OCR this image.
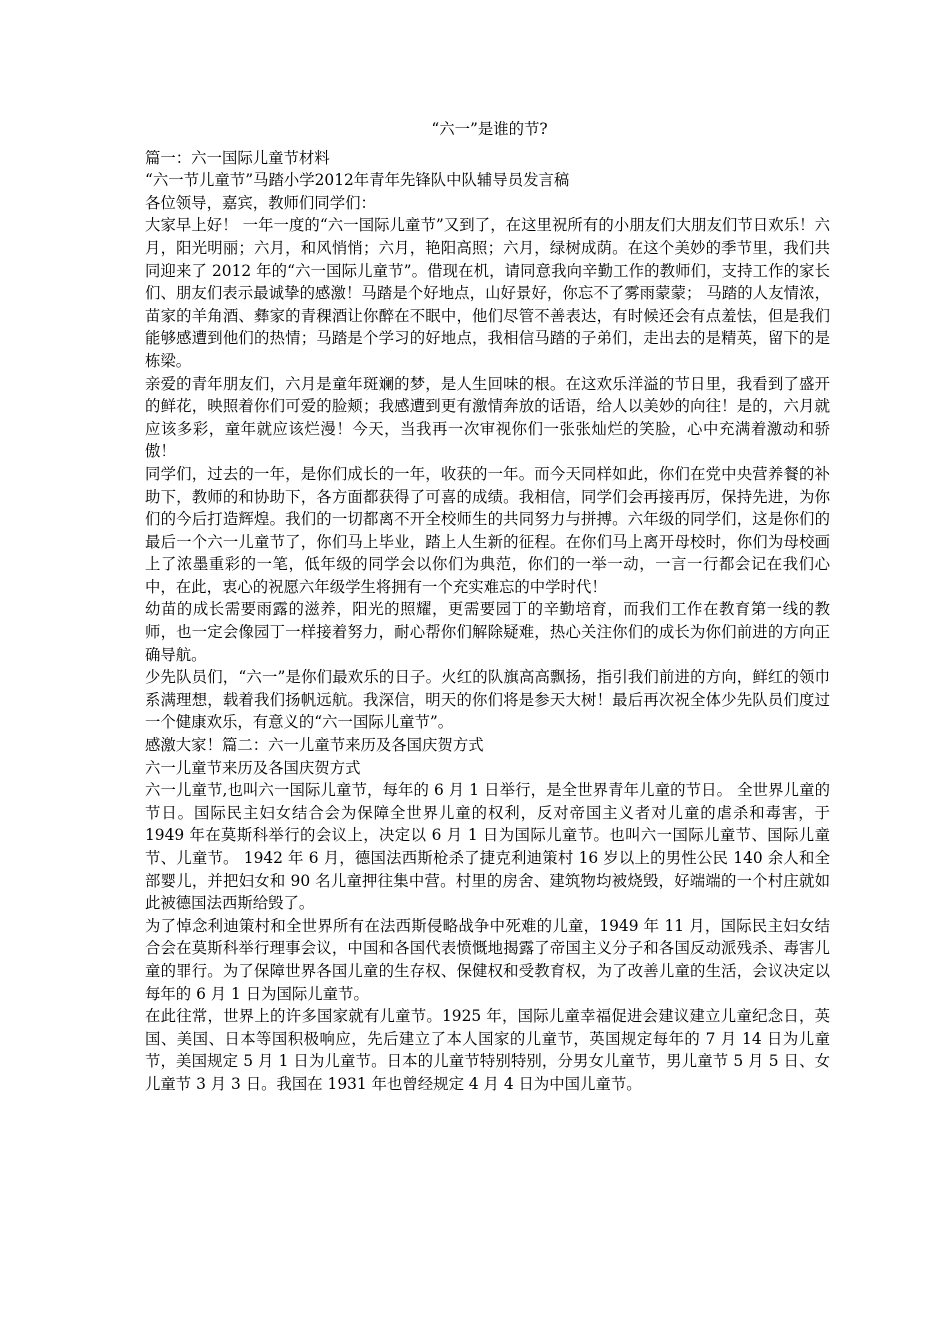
“六一”是谁的节?
篇一：六一国际儿童节材料
“六一节儿童节”马踏小学2012年青年先锋队中队辅导员发言稿
各位领导，嘉宾，教师们同学们：
大家早上好！ 一年一度的“六一国际儿童节”又到了，在这里祝所有的小朋友们大朋友们节日欢乐！六月，阳光明丽；六月，和风悄悄；六月，艳阳高照；六月，绿树成荫。在这个美妙的季节里，我们共同迎来了 2012 年的“六一国际儿童节”。借现在机，请同意我向辛勤工作的教师们，支持工作的家长们、朋友们表示最诚挚的感激！马踏是个好地点，山好景好，你忘不了雾雨蒙蒙； 马踏的人友情浓，苗家的羊角酒、彝家的青稞酒让你醉在不眠中，他们尽管不善表达，有时候还会有点羞怯，但是我们能够感遭到他们的热情；马踏是个学习的好地点，我相信马踏的子弟们，走出去的是精英，留下的是栋梁。
亲爱的青年朋友们，六月是童年斑斓的梦，是人生回味的根。在这欢乐洋溢的节日里，我看到了盛开的鲜花，映照着你们可爱的脸颊；我感遭到更有激情奔放的话语，给人以美妙的向往！是的，六月就应该多彩，童年就应该烂漫！今天，当我再一次审视你们一张张灿烂的笑脸，心中充满着激动和骄傲！
同学们，过去的一年，是你们成长的一年，收获的一年。而今天同样如此，你们在党中央营养餐的补助下，教师的和协助下，各方面都获得了可喜的成绩。我相信，同学们会再接再厉，保持先进，为你们的今后打造辉煌。我们的一切都离不开全校师生的共同努力与拼搏。六年级的同学们，这是你们的最后一个六一儿童节了，你们马上毕业，踏上人生新的征程。在你们马上离开母校时，你们为母校画上了浓墨重彩的一笔，低年级的同学会以你们为典范，你们的一举一动，一言一行都会记在我们心中，在此，衷心的祝愿六年级学生将拥有一个充实难忘的中学时代！
幼苗的成长需要雨露的滋养，阳光的照耀，更需要园丁的辛勤培育，而我们工作在教育第一线的教师，也一定会像园丁一样接着努力，耐心帮你们解除疑难，热心关注你们的成长为你们前进的方向正确导航。
少先队员们，“六一”是你们最欢乐的日子。火红的队旗高高飘扬，指引我们前进的方向，鲜红的领巾系满理想，载着我们扬帆远航。我深信，明天的你们将是参天大树！最后再次祝全体少先队员们度过一个健康欢乐，有意义的“六一国际儿童节”。
感激大家！篇二：六一儿童节来历及各国庆贺方式
六一儿童节来历及各国庆贺方式
六一儿童节,也叫六一国际儿童节，每年的 6 月 1 日举行，是全世界青年儿童的节日。 全世界儿童的节日。国际民主妇女结合会为保障全世界儿童的权利，反对帝国主义者对儿童的虐杀和毒害，于 1949 年在莫斯科举行的会议上，决定以 6 月 1 日为国际儿童节。也叫六一国际儿童节、国际儿童节、儿童节。 1942 年 6 月，德国法西斯枪杀了捷克利迪策村 16 岁以上的男性公民 140 余人和全部婴儿，并把妇女和 90 名儿童押往集中营。村里的房舍、建筑物均被烧毁，好端端的一个村庄就如此被德国法西斯给毁了。
为了悼念利迪策村和全世界所有在法西斯侵略战争中死难的儿童，1949 年 11 月，国际民主妇女结合会在莫斯科举行理事会议，中国和各国代表愤慨地揭露了帝国主义分子和各国反动派残杀、毒害儿童的罪行。为了保障世界各国儿童的生存权、保健权和受教育权，为了改善儿童的生活，会议决定以每年的 6 月 1 日为国际儿童节。
在此往常，世界上的许多国家就有儿童节。1925 年，国际儿童幸福促进会建议建立儿童纪念日，英国、美国、日本等国积极响应，先后建立了本人国家的儿童节，英国规定每年的 7 月 14 日为儿童节，美国规定 5 月 1 日为儿童节。日本的儿童节特别特别，分男女儿童节，男儿童节 5 月 5 日、女儿童节 3 月 3 日。我国在 1931 年也曾经规定 4 月 4 日为中国儿童节。
